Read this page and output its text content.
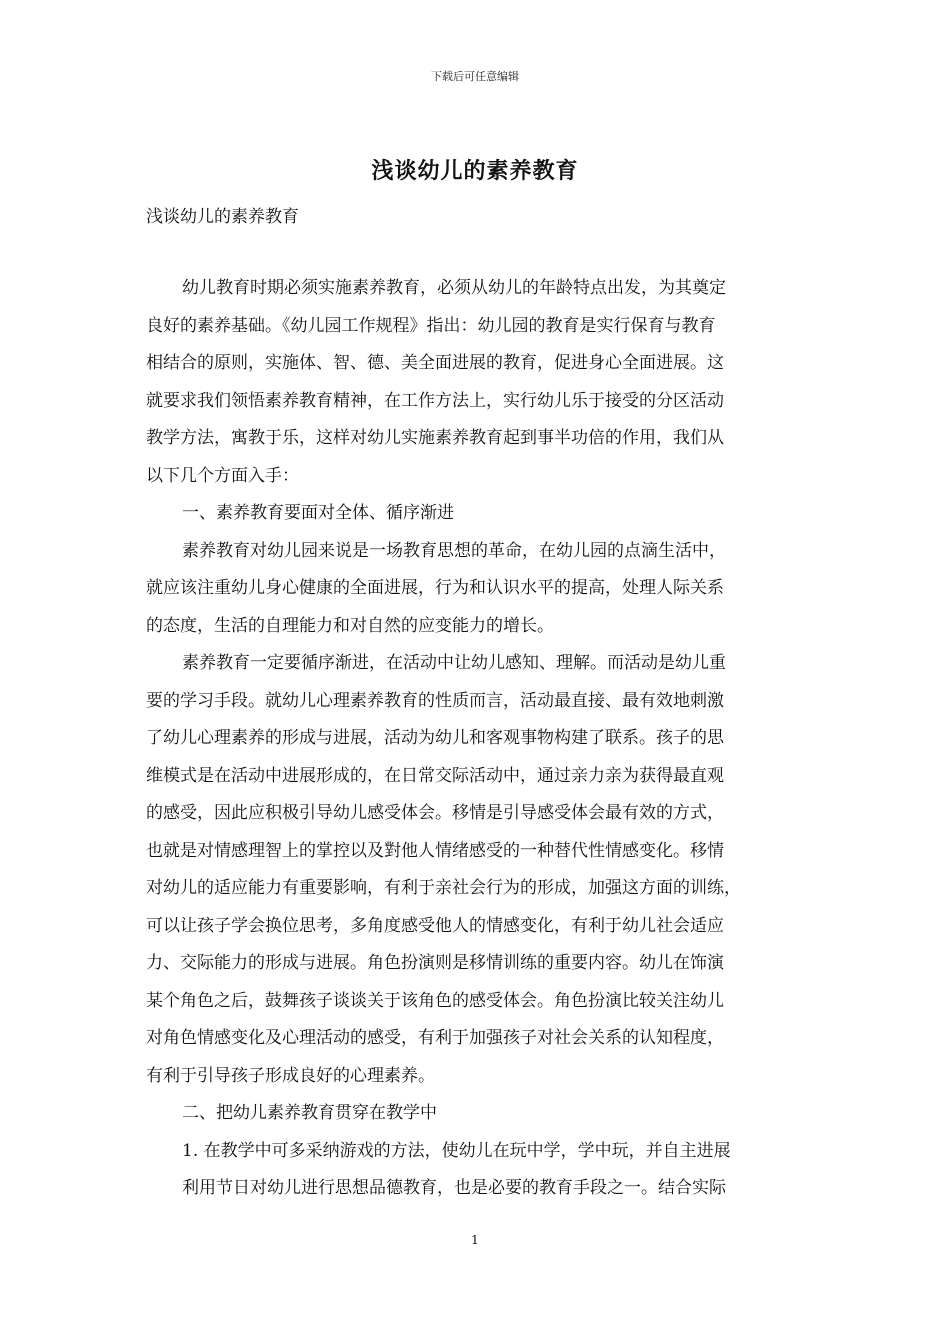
下载后可任意编辑
浅谈幼儿的素养教育
浅谈幼儿的素养教育
幼儿教育时期必须实施素养教育，必须从幼儿的年龄特点出发，为其奠定
良好的素养基础。《幼儿园工作规程》指出：幼儿园的教育是实行保育与教育
相结合的原则，实施体、智、德、美全面进展的教育，促进身心全面进展。这
就要求我们领悟素养教育精神，在工作方法上，实行幼儿乐于接受的分区活动
教学方法，寓教于乐，这样对幼儿实施素养教育起到事半功倍的作用，我们从
以下几个方面入手：
一、素养教育要面对全体、循序渐进
素养教育对幼儿园来说是一场教育思想的革命，在幼儿园的点滴生活中，
就应该注重幼儿身心健康的全面进展，行为和认识水平的提高，处理人际关系
的态度，生活的自理能力和对自然的应变能力的增长。
素养教育一定要循序渐进，在活动中让幼儿感知、理解。而活动是幼儿重
要的学习手段。就幼儿心理素养教育的性质而言，活动最直接、最有效地刺激
了幼儿心理素养的形成与进展，活动为幼儿和客观事物构建了联系。孩子的思
维模式是在活动中进展形成的，在日常交际活动中，通过亲力亲为获得最直观
的感受，因此应积极引导幼儿感受体会。移情是引导感受体会最有效的方式，
也就是对情感理智上的掌控以及對他人情绪感受的一种替代性情感变化。移情
对幼儿的适应能力有重要影响，有利于亲社会行为的形成，加强这方面的训练，
可以让孩子学会换位思考，多角度感受他人的情感变化，有利于幼儿社会适应
力、交际能力的形成与进展。角色扮演则是移情训练的重要内容。幼儿在饰演
某个角色之后，鼓舞孩子谈谈关于该角色的感受体会。角色扮演比较关注幼儿
对角色情感变化及心理活动的感受，有利于加强孩子对社会关系的认知程度，
有利于引导孩子形成良好的心理素养。
二、把幼儿素养教育贯穿在教学中
1. 在教学中可多采纳游戏的方法，使幼儿在玩中学，学中玩，并自主进展
利用节日对幼儿进行思想品德教育，也是必要的教育手段之一。结合实际
1
